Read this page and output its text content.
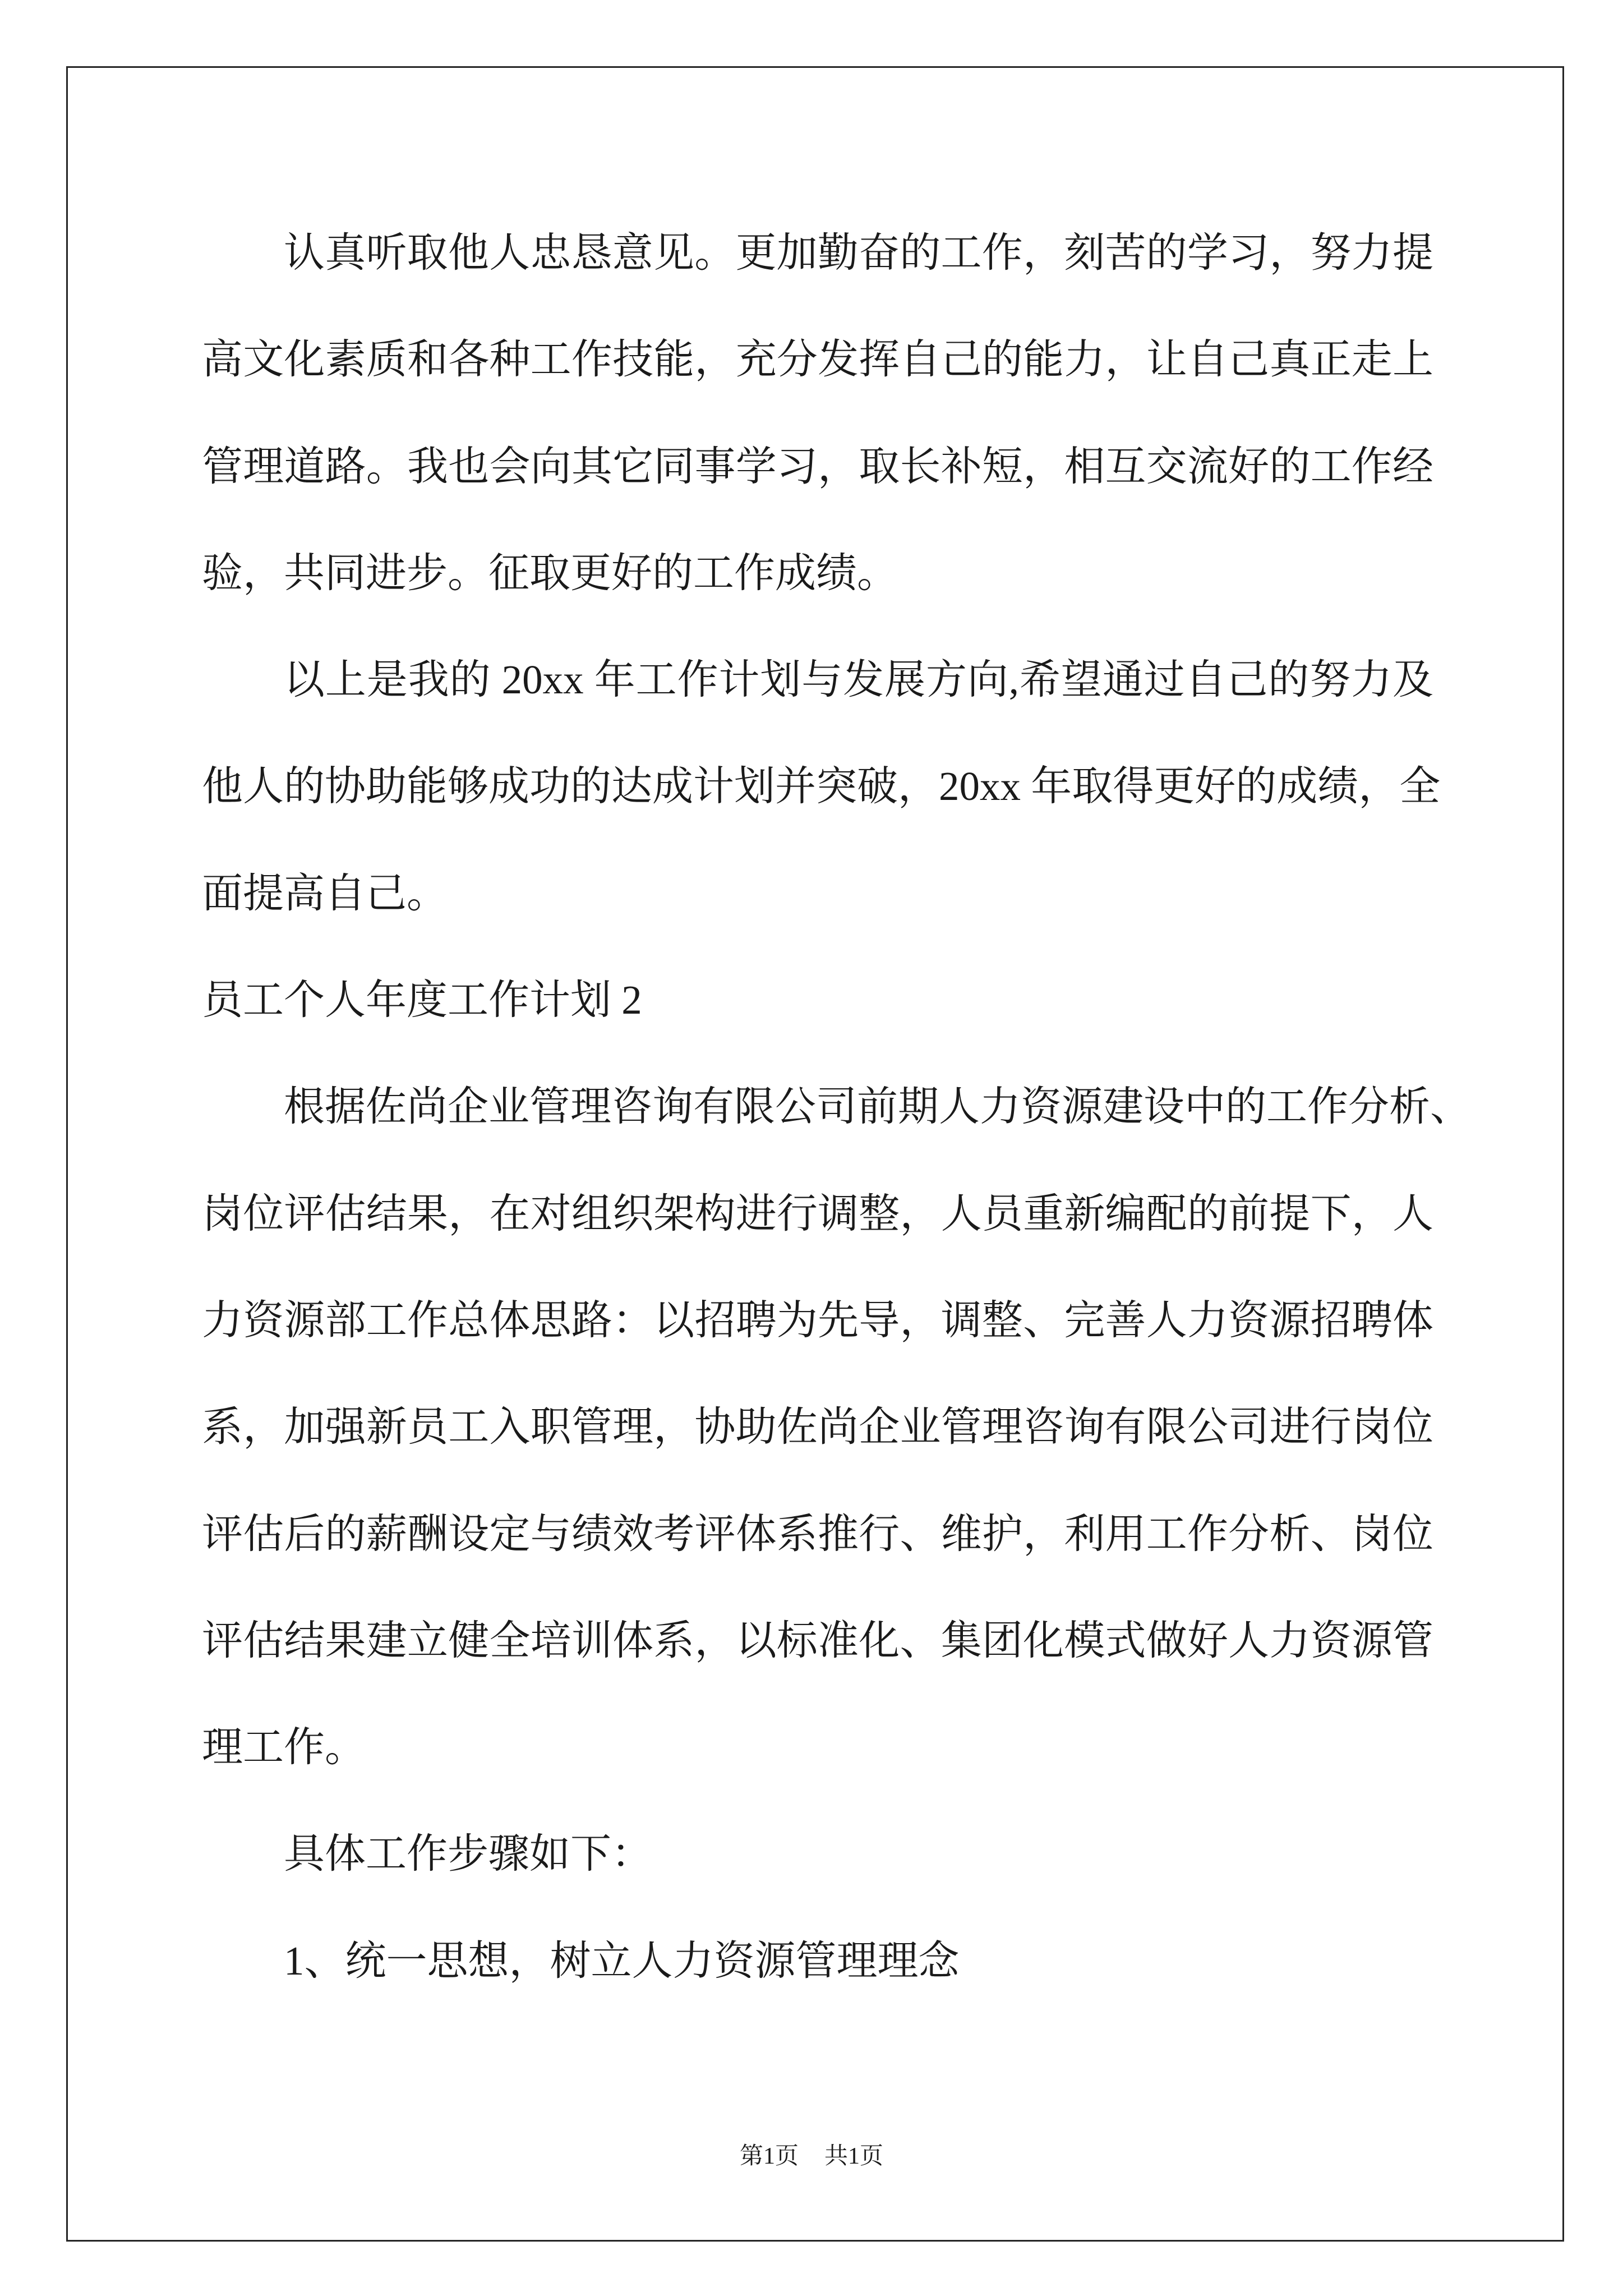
认真听取他人忠恳意见。更加勤奋的工作，刻苦的学习，努力提
高文化素质和各种工作技能，充分发挥自己的能力，让自己真正走上
管理道路。我也会向其它同事学习，取长补短，相互交流好的工作经
验，共同进步。征取更好的工作成绩。
以上是我的 20xx 年工作计划与发展方向,希望通过自己的努力及
他人的协助能够成功的达成计划并突破，20xx 年取得更好的成绩，全
面提高自己。
员工个人年度工作计划 2
根据佐尚企业管理咨询有限公司前期人力资源建设中的工作分析、
岗位评估结果，在对组织架构进行调整，人员重新编配的前提下，人
力资源部工作总体思路：以招聘为先导，调整、完善人力资源招聘体
系，加强新员工入职管理，协助佐尚企业管理咨询有限公司进行岗位
评估后的薪酬设定与绩效考评体系推行、维护，利用工作分析、岗位
评估结果建立健全培训体系，以标准化、集团化模式做好人力资源管
理工作。
具体工作步骤如下：
1、统一思想，树立人力资源管理理念
第1页 共1页
